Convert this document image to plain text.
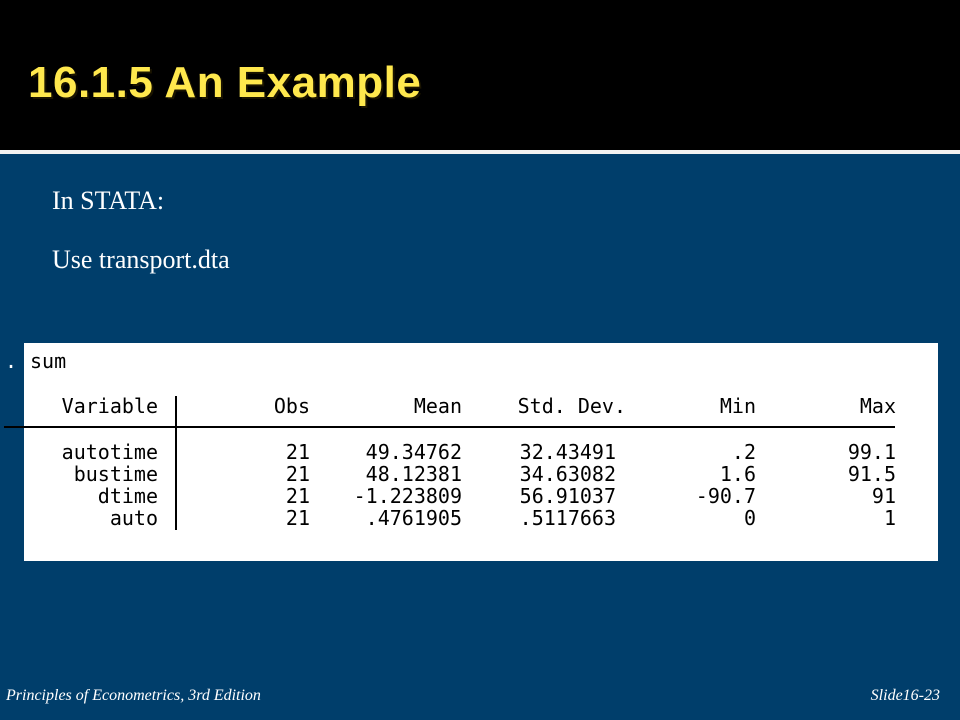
16.1.5 An Example
In STATA:
Use transport.dta
. sum
Variable	Obs	Mean	Std. Dev.	Min	Max
autotime	21	49.34762	32.43491	.2	99.1
bustime	21	48.12381	34.63082	1.6	91.5
dtime	21	-1.223809	56.91037	-90.7	91
auto	21	.4761905	.5117663	0	1
Principles of Econometrics, 3rd Edition	Slide16-23
